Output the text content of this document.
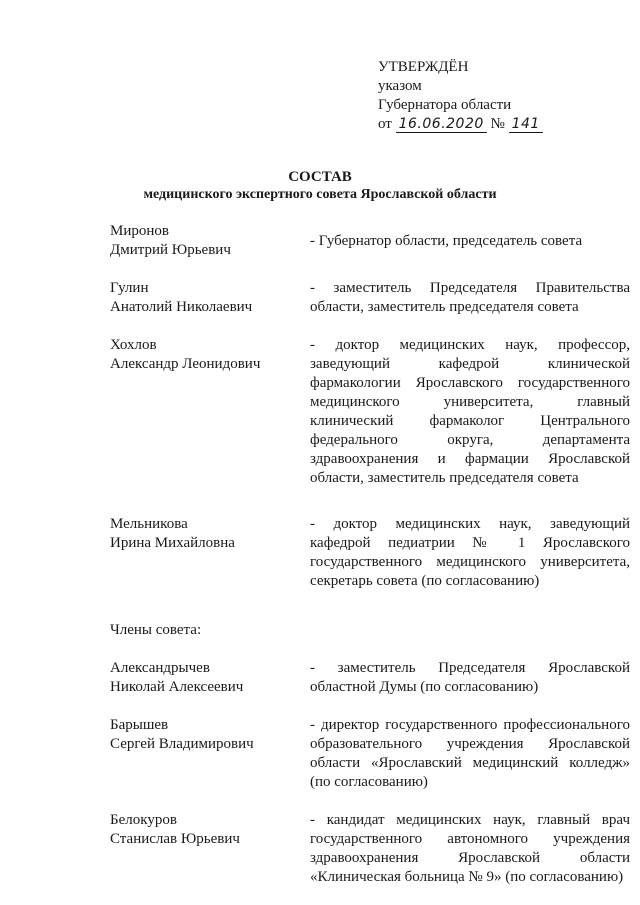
УТВЕРЖДЁН
указом
Губернатора области
от 16.06.2020 № 141
СОСТАВ
медицинского экспертного совета Ярославской области
Миронов
Дмитрий Юрьевич
- Губернатор области, председатель совета
Гулин
Анатолий Николаевич
- заместитель Председателя Правительства области, заместитель председателя совета
Хохлов
Александр Леонидович
- доктор медицинских наук, профессор, заведующий кафедрой клинической фармакологии Ярославского государственного медицинского университета, главный клинический фармаколог Центрального федерального округа, департамента здравоохранения и фармации Ярославской области, заместитель председателя совета
Мельникова
Ирина Михайловна
- доктор медицинских наук, заведующий кафедрой педиатрии № 1 Ярославского государственного медицинского университета, секретарь совета (по согласованию)
Члены совета:
Александрычев
Николай Алексеевич
- заместитель Председателя Ярославской областной Думы (по согласованию)
Барышев
Сергей Владимирович
- директор государственного профессионального образовательного учреждения Ярославской области «Ярославский медицинский колледж» (по согласованию)
Белокуров
Станислав Юрьевич
- кандидат медицинских наук, главный врач государственного автономного учреждения здравоохранения Ярославской области «Клиническая больница № 9» (по согласованию)
